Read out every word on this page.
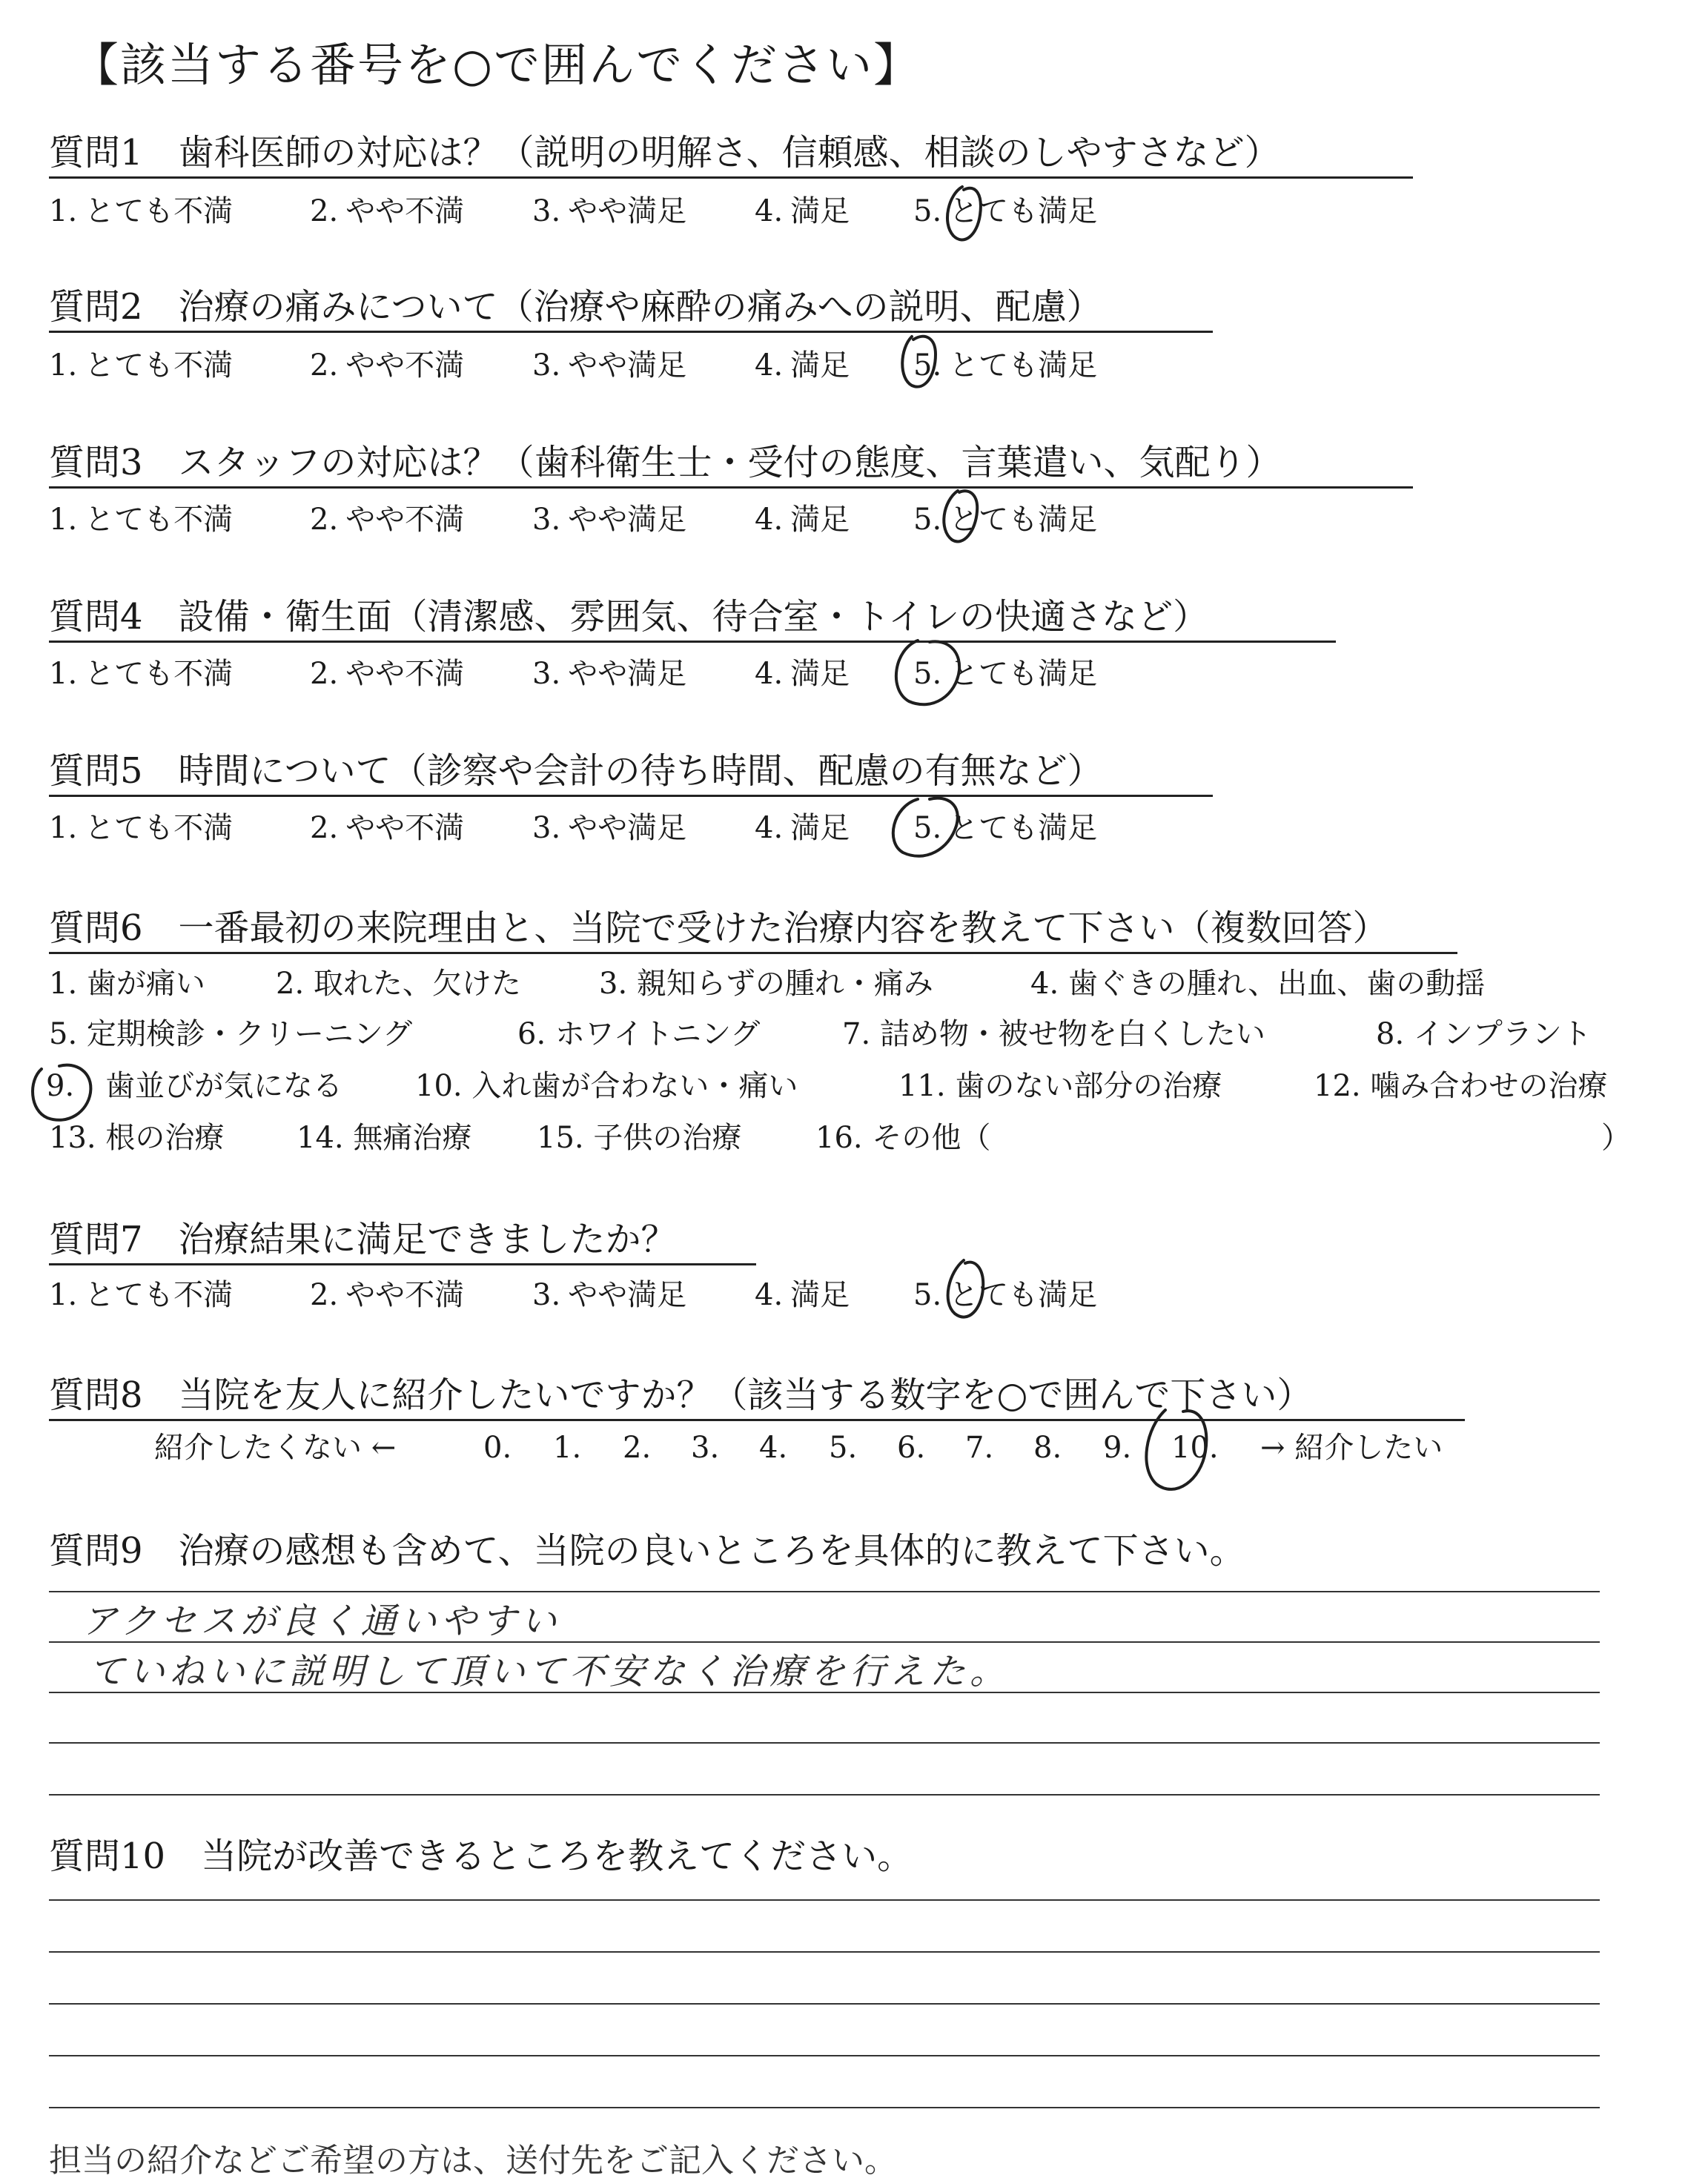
【該当する番号を○で囲んでください】
質問1　歯科医師の対応は？（説明の明解さ、信頼感、相談のしやすさなど）
1. とても不満	2. やや不満 3. やや満足 4. 満足 5. とても満足
質問2　治療の痛みについて（治療や麻酔の痛みへの説明、配慮）
1. とても不満	2. やや不満 3. やや満足 4. 満足 5. とても満足
質問3　スタッフの対応は？（歯科衛生士・受付の態度、言葉遣い、気配り）
1. とても不満	2. やや不満 3. やや満足 4. 満足 5. とても満足
質問4　設備・衛生面（清潔感、雰囲気、待合室・トイレの快適さなど）
1. とても不満	2. やや不満 3. やや満足 4. 満足 5. とても満足
質問5　時間について（診察や会計の待ち時間、配慮の有無など）
1. とても不満	2. やや不満 3. やや満足 4. 満足 5. とても満足
質問6　一番最初の来院理由と、当院で受けた治療内容を教えて下さい（複数回答）
1. 歯が痛い 2. 取れた、欠けた	3. 親知らずの腫れ・痛み	4. 歯ぐきの腫れ、出血、歯の動揺
5. 定期検診・クリーニング	6. ホワイトニング	7. 詰め物・被せ物を白くしたい	8. インプラント
9. 歯並びが気になる 10. 入れ歯が合わない・痛い	11. 歯のない部分の治療	12. 噛み合わせの治療
13. 根の治療 14. 無痛治療 15. 子供の治療 16. その他（	）
質問7　治療結果に満足できましたか？
1. とても不満	2. やや不満 3. やや満足 4. 満足 5. とても満足
質問8　当院を友人に紹介したいですか？（該当する数字を○で囲んで下さい）
紹介したくない ←	0. 1. 2. 3. 4. 5. 6. 7. 8. 9. 10. → 紹介したい
質問9　治療の感想も含めて、当院の良いところを具体的に教えて下さい。
アクセスが良く通いやすい
ていねいに説明して頂いて不安なく治療を行えた。
質問10　当院が改善できるところを教えてください。
担当の紹介などご希望の方は、送付先をご記入ください。
